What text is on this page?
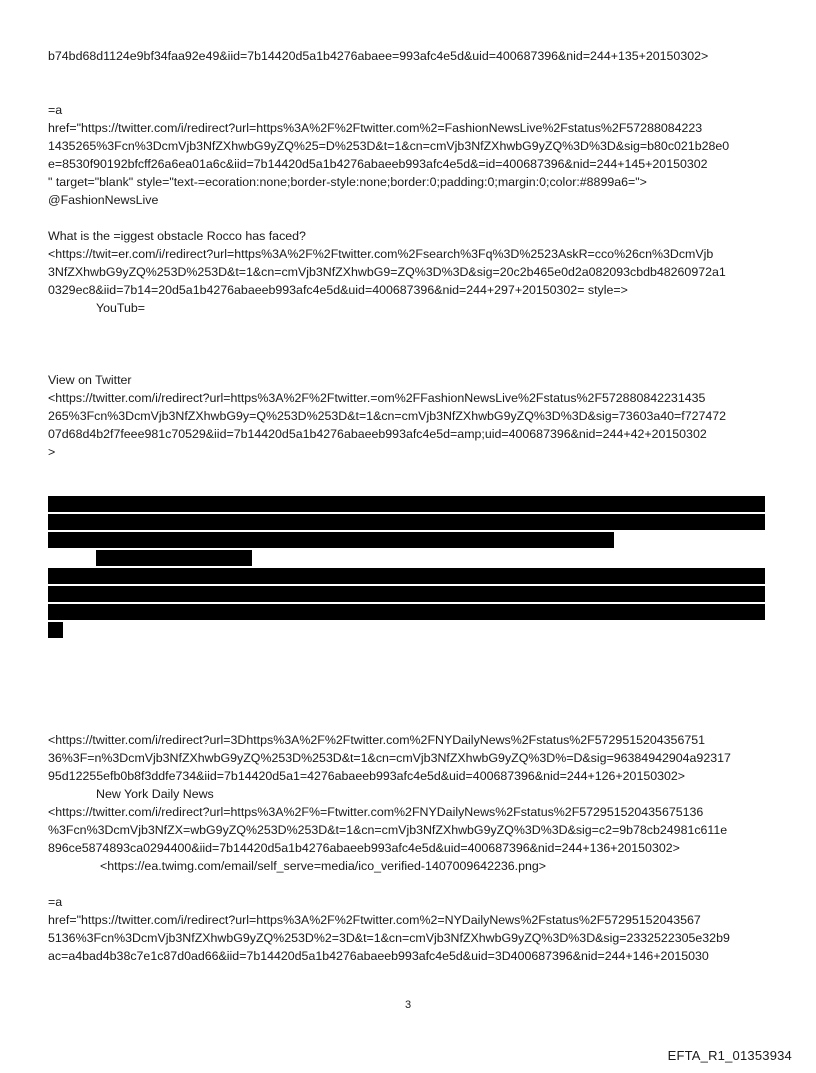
b74bd68d1124e9bf34faa92e49&iid=7b14420d5a1b4276abaee=993afc4e5d&uid=400687396&nid=244+135+20150302>
=a
href="https://twitter.com/i/redirect?url=https%3A%2F%2Ftwitter.com%2=FashionNewsLive%2Fstatus%2F57288084223
1435265%3Fcn%3DcmVjb3NfZXhwbG9yZQ%25=D%253D&t=1&cn=cmVjb3NfZXhwbG9yZQ%3D%3D&sig=b80c021b28e0
e=8530f90192bfcff26a6ea01a6c&iid=7b14420d5a1b4276abaeeb993afc4e5d&=id=400687396&nid=244+145+20150302
" target="blank" style="text-=ecoration:none;border-style:none;border:0;padding:0;margin:0;color:#8899a6=">
@FashionNewsLive
What is the =iggest obstacle Rocco has faced?
<https://twit=er.com/i/redirect?url=https%3A%2F%2Ftwitter.com%2Fsearch%3Fq%3D%2523AskR=cco%26cn%3DcmVjb
3NfZXhwbG9yZQ%253D%253D&t=1&cn=cmVjb3NfZXhwbG9=ZQ%3D%3D&sig=20c2b465e0d2a082093cbdb48260972a1
0329ec8&iid=7b14=20d5a1b4276abaeeb993afc4e5d&uid=400687396&nid=244+297+20150302= style=>
YouTub=
View on Twitter
<https://twitter.com/i/redirect?url=https%3A%2F%2Ftwitter.=om%2FFashionNewsLive%2Fstatus%2F5728808422314​35
265%3Fcn%3DcmVjb3NfZXhwbG9y=Q%253D%253D&t=1&cn=cmVjb3NfZXhwbG9yZQ%3D%3D&sig=73603a40=f727472
07d68d4b2f7feee981c70529&iid=7b14420d5a1b4276abaeeb993afc4e5d=amp;uid=400687396&nid=244+42+20150302
>
<https://twitter.com/i/redirect?url=3Dhttps%3A%2F%2Ftwitter.com%2FNYDailyNews%2Fstatus%2F5729515204356751
36%3F=n%3DcmVjb3NfZXhwbG9yZQ%253D%253D&t=1&cn=cmVjb3NfZXhwbG9yZQ%3D%=D&sig=96384942904a92317
95d12255efb0b8f3ddfe734&iid=7b14420d5a1=4276abaeeb993afc4e5d&uid=400687396&nid=244+126+20150302>
New York Daily News
<https://twitter.com/i/redirect?url=https%3A%2F%=Ftwitter.com%2FNYDailyNews%2Fstatus%2F572951520435675136
%3Fcn%3DcmVjb3NfZX=wbG9yZQ%253D%253D&t=1&cn=cmVjb3NfZXhwbG9yZQ%3D%3D&sig=c2=9b78cb24981c611e
896ce5874893ca0294400&iid=7b14420d5a1b4276abaeeb993afc4e5d&uid=400687396&nid=244+136+20150302>
<https://ea.twimg.com/email/self_serve=media/ico_verified-1407009642236.png>
=a
href="https://twitter.com/i/redirect?url=https%3A%2F%2Ftwitter.com%2=NYDailyNews%2Fstatus%2F57295152043567
5136%3Fcn%3DcmVjb3NfZXhwbG9yZQ%253D%2=3D&t=1&cn=cmVjb3NfZXhwbG9yZQ%3D%3D&sig=2332522305e32b9
ac=a4bad4b38c7e1c87d0ad66&iid=7b14420d5a1b4276abaeeb993afc4e5d&uid=3D400687396&nid=244+146+2015030
3
EFTA_R1_01353934
